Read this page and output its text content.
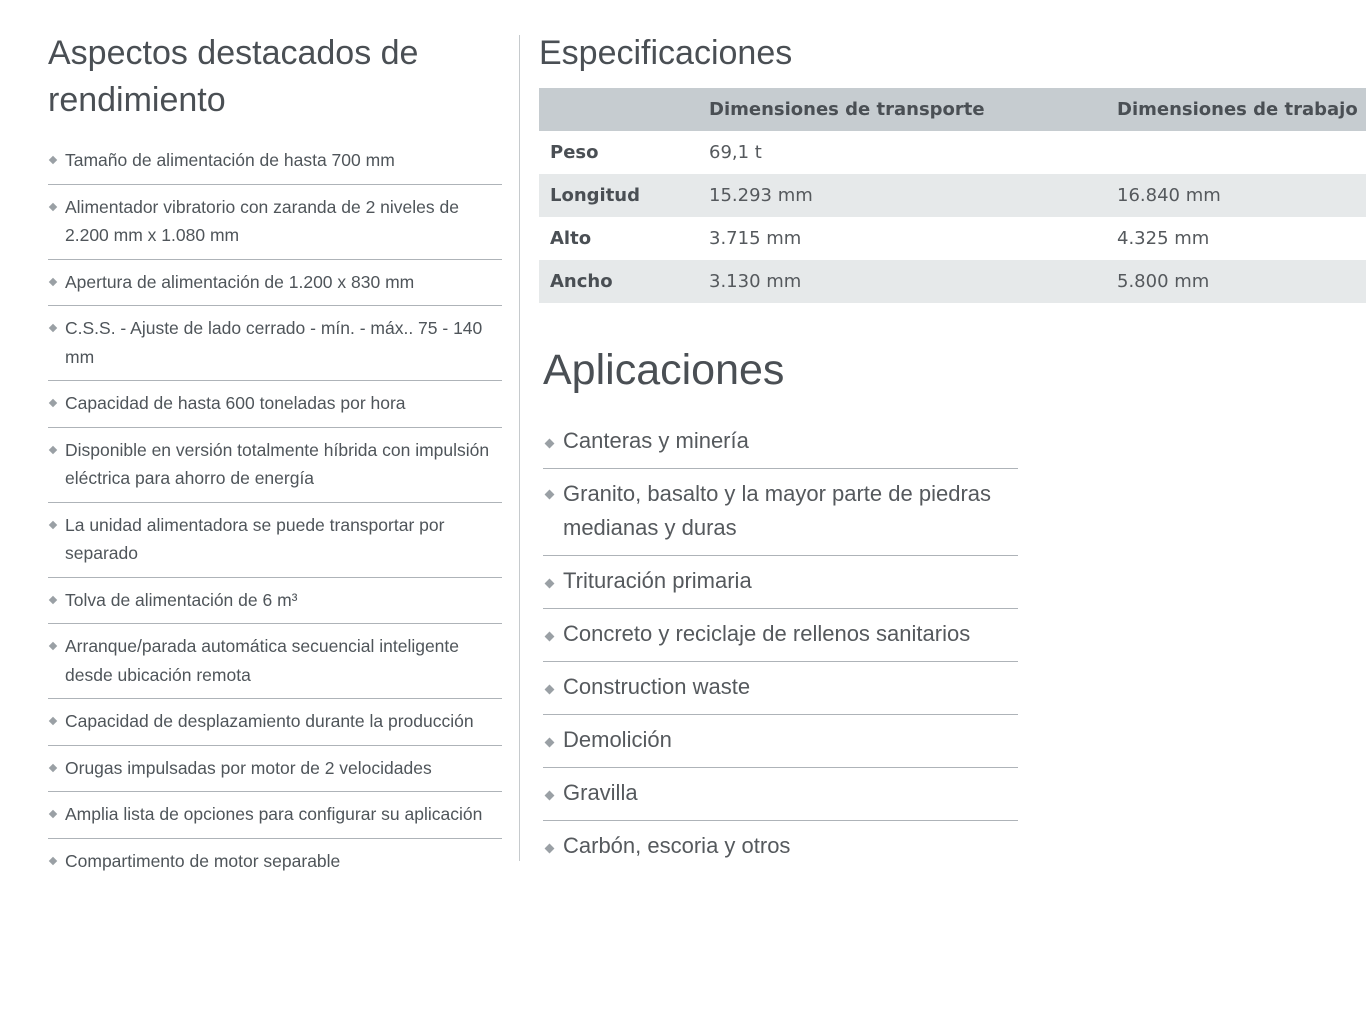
Aspectos destacados de rendimiento
Tamaño de alimentación de hasta 700 mm
Alimentador vibratorio con zaranda de 2 niveles de 2.200 mm x 1.080 mm
Apertura de alimentación de 1.200 x 830 mm
C.S.S. - Ajuste de lado cerrado - mín. - máx.. 75 - 140 mm
Capacidad de hasta 600 toneladas por hora
Disponible en versión totalmente híbrida con impulsión eléctrica para ahorro de energía
La unidad alimentadora se puede transportar por separado
Tolva de alimentación de 6 m³
Arranque/parada automática secuencial inteligente desde ubicación remota
Capacidad de desplazamiento durante la producción
Orugas impulsadas por motor de 2 velocidades
Amplia lista de opciones para configurar su aplicación
Compartimento de motor separable
Especificaciones
	Dimensiones de transporte	Dimensiones de trabajo
Peso	69,1 t	
Longitud	15.293 mm	16.840 mm
Alto	3.715 mm	4.325 mm
Ancho	3.130 mm	5.800 mm
Aplicaciones
Canteras y minería
Granito, basalto y la mayor parte de piedras medianas y duras
Trituración primaria
Concreto y reciclaje de rellenos sanitarios
Construction waste
Demolición
Gravilla
Carbón, escoria y otros
